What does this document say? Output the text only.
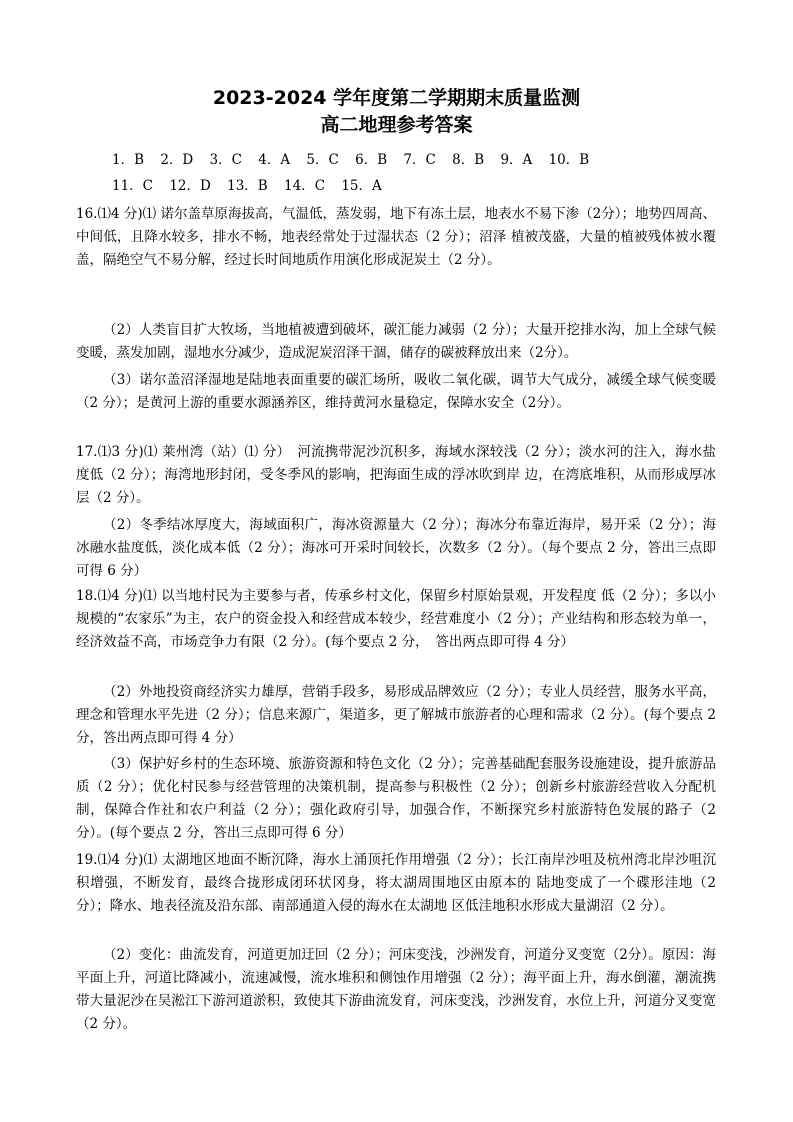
2023-2024 学年度第二学期期末质量监测
高二地理参考答案
1．B 2．D 3．C 4．A 5．C 6．B 7．C 8．B 9．A 10．B
11．C 12．D 13．B 14．C 15．A
16.⑴4 分)⑴ 诺尔盖草原海拔高，气温低，蒸发弱，地下有冻土层，地表水不易下渗（2分）；地势四周高、中间低，且降水较多，排水不畅，地表经常处于过湿状态（2 分）；沼泽 植被茂盛，大量的植被残体被水覆盖，隔绝空气不易分解，经过长时间地质作用演化形成泥炭土（2 分）。
（2）人类盲目扩大牧场，当地植被遭到破坏，碳汇能力减弱（2 分）；大量开挖排水沟，加上全球气候变暖，蒸发加剧，湿地水分减少，造成泥炭沼泽干涸，储存的碳被释放出来（2分）。
（3）诺尔盖沼泽湿地是陆地表面重要的碳汇场所，吸收二氧化碳，调节大气成分，减缓全球气候变暖（2 分）；是黄河上游的重要水源涵养区，维持黄河水量稳定，保障水安全（2分）。
17.⑴3 分)⑴ 莱州湾（站）⑴ 分）　河流携带泥沙沉积多，海域水深较浅（2 分）；淡水河的注入，海水盐度低（2 分）；海湾地形封闭，受冬季风的影响，把海面生成的浮冰吹到岸 边，在湾底堆积，从而形成厚冰层（2 分）。
（2）冬季结冰厚度大，海域面积广，海冰资源量大（2 分）；海冰分布靠近海岸，易开采（2 分）；海冰融水盐度低，淡化成本低（2 分）；海冰可开采时间较长，次数多（2 分）。（每个要点 2 分，答出三点即可得 6 分）
18.⑴4 分)⑴ 以当地村民为主要参与者，传承乡村文化，保留乡村原始景观，开发程度 低（2 分）；多以小规模的“农家乐”为主，农户的资金投入和经营成本较少，经营难度小（2 分）；产业结构和形态较为单一，经济效益不高，市场竞争力有限（2 分）。(每个要点 2 分，　答出两点即可得 4 分）
（2）外地投资商经济实力雄厚，营销手段多，易形成品牌效应（2 分）；专业人员经营，服务水平高，理念和管理水平先进（2 分）；信息来源广，渠道多，更了解城市旅游者的心理和需求（2 分）。(每个要点 2 分，答出两点即可得 4 分）
（3）保护好乡村的生态环境、旅游资源和特色文化（2 分）；完善基础配套服务设施建设，提升旅游品质（2 分）；优化村民参与经营管理的决策机制，提高参与积极性（2 分）；创新乡村旅游经营收入分配机制，保障合作社和农户利益（2 分）；强化政府引导，加强合作，不断探究乡村旅游特色发展的路子（2 分）。(每个要点 2 分，答出三点即可得 6 分）
19.⑴4 分)⑴ 太湖地区地面不断沉降，海水上涌顶托作用增强（2 分）；长江南岸沙咀及杭州湾北岸沙咀沉积增强，不断发育，最终合拢形成闭环状冈身，将太湖周围地区由原本的 陆地变成了一个碟形洼地（2 分）；降水、地表径流及沿东部、南部通道入侵的海水在太湖地 区低洼地积水形成大量湖沼（2 分）。
（2）变化：曲流发育，河道更加迂回（2 分）；河床变浅，沙洲发育，河道分叉变宽（2分）。原因：海平面上升，河道比降减小，流速减慢，流水堆积和侧蚀作用增强（2 分）；海平面上升，海水倒灌，潮流携带大量泥沙在吴淞江下游河道淤积，致使其下游曲流发育，河床变浅，沙洲发育，水位上升，河道分叉变宽（2 分）。
